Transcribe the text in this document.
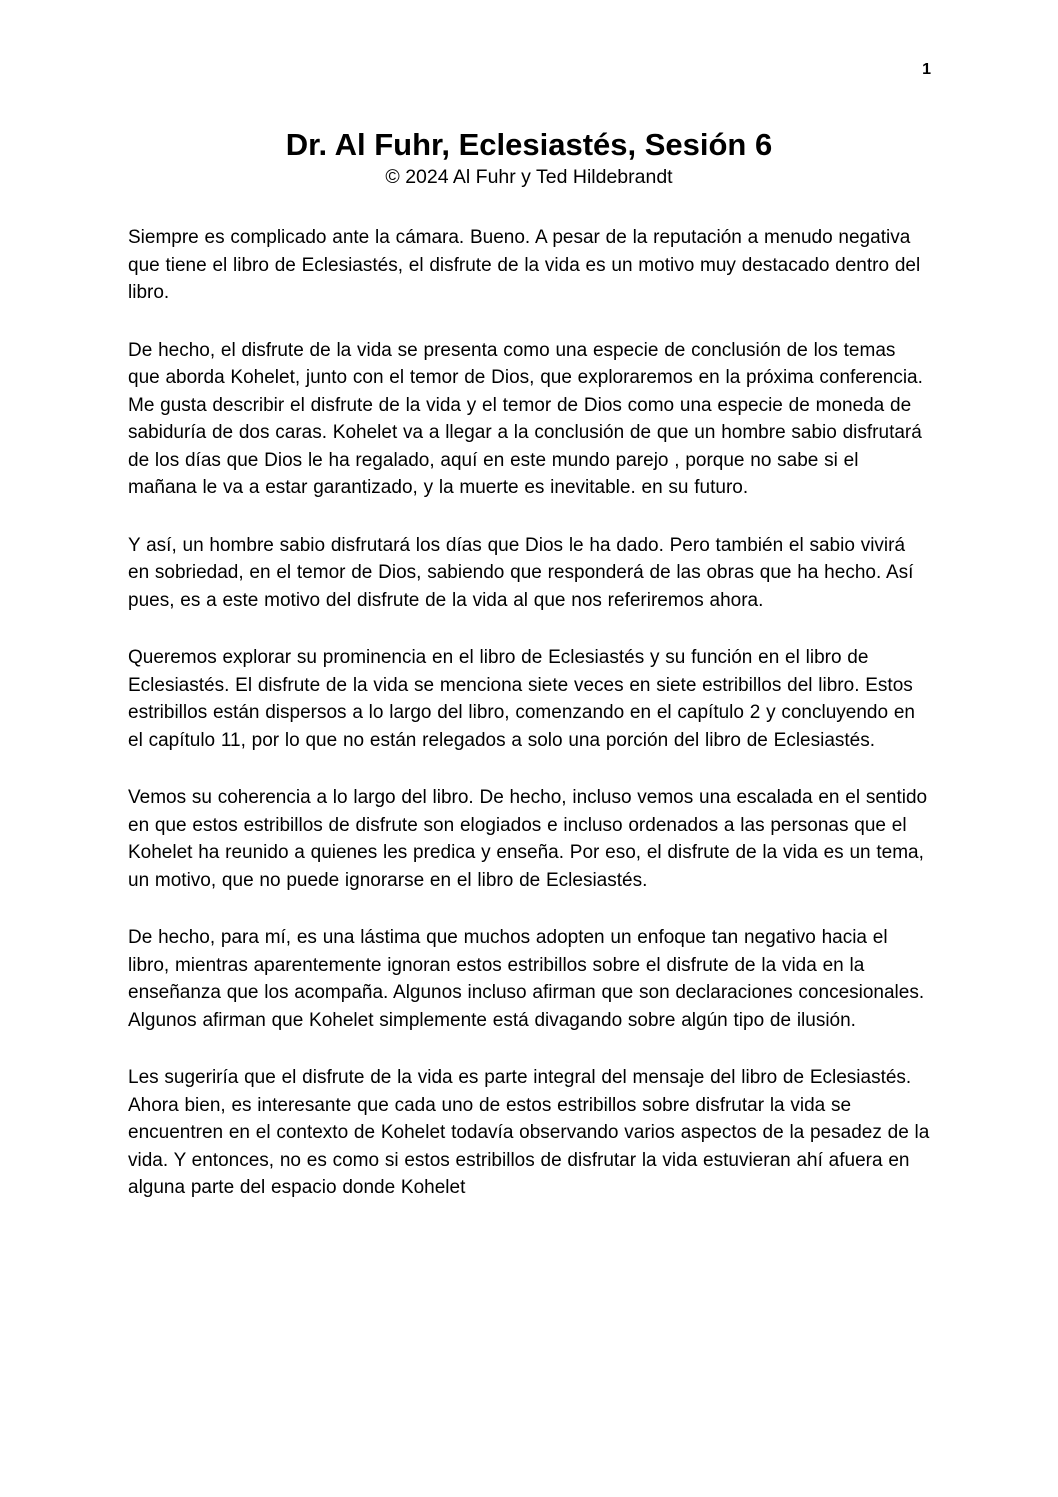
1
Dr. Al Fuhr, Eclesiastés, Sesión 6
© 2024 Al Fuhr y Ted Hildebrandt

Siempre es complicado ante la cámara. Bueno. A pesar de la reputación a menudo negativa que tiene el libro de Eclesiastés, el disfrute de la vida es un motivo muy destacado dentro del libro.

De hecho, el disfrute de la vida se presenta como una especie de conclusión de los temas que aborda Kohelet, junto con el temor de Dios, que exploraremos en la próxima conferencia. Me gusta describir el disfrute de la vida y el temor de Dios como una especie de moneda de sabiduría de dos caras. Kohelet va a llegar a la conclusión de que un hombre sabio disfrutará de los días que Dios le ha regalado, aquí en este mundo parejo , porque no sabe si el mañana le va a estar garantizado, y la muerte es inevitable. en su futuro.

Y así, un hombre sabio disfrutará los días que Dios le ha dado. Pero también el sabio vivirá en sobriedad, en el temor de Dios, sabiendo que responderá de las obras que ha hecho. Así pues, es a este motivo del disfrute de la vida al que nos referiremos ahora.

Queremos explorar su prominencia en el libro de Eclesiastés y su función en el libro de Eclesiastés. El disfrute de la vida se menciona siete veces en siete estribillos del libro. Estos estribillos están dispersos a lo largo del libro, comenzando en el capítulo 2 y concluyendo en el capítulo 11, por lo que no están relegados a solo una porción del libro de Eclesiastés.

Vemos su coherencia a lo largo del libro. De hecho, incluso vemos una escalada en el sentido en que estos estribillos de disfrute son elogiados e incluso ordenados a las personas que el Kohelet ha reunido a quienes les predica y enseña. Por eso, el disfrute de la vida es un tema, un motivo, que no puede ignorarse en el libro de Eclesiastés.

De hecho, para mí, es una lástima que muchos adopten un enfoque tan negativo hacia el libro, mientras aparentemente ignoran estos estribillos sobre el disfrute de la vida en la enseñanza que los acompaña. Algunos incluso afirman que son declaraciones concesionales. Algunos afirman que Kohelet simplemente está divagando sobre algún tipo de ilusión.

Les sugeriría que el disfrute de la vida es parte integral del mensaje del libro de Eclesiastés. Ahora bien, es interesante que cada uno de estos estribillos sobre disfrutar la vida se encuentren en el contexto de Kohelet todavía observando varios aspectos de la pesadez de la vida. Y entonces, no es como si estos estribillos de disfrutar la vida estuvieran ahí afuera en alguna parte del espacio donde Kohelet
